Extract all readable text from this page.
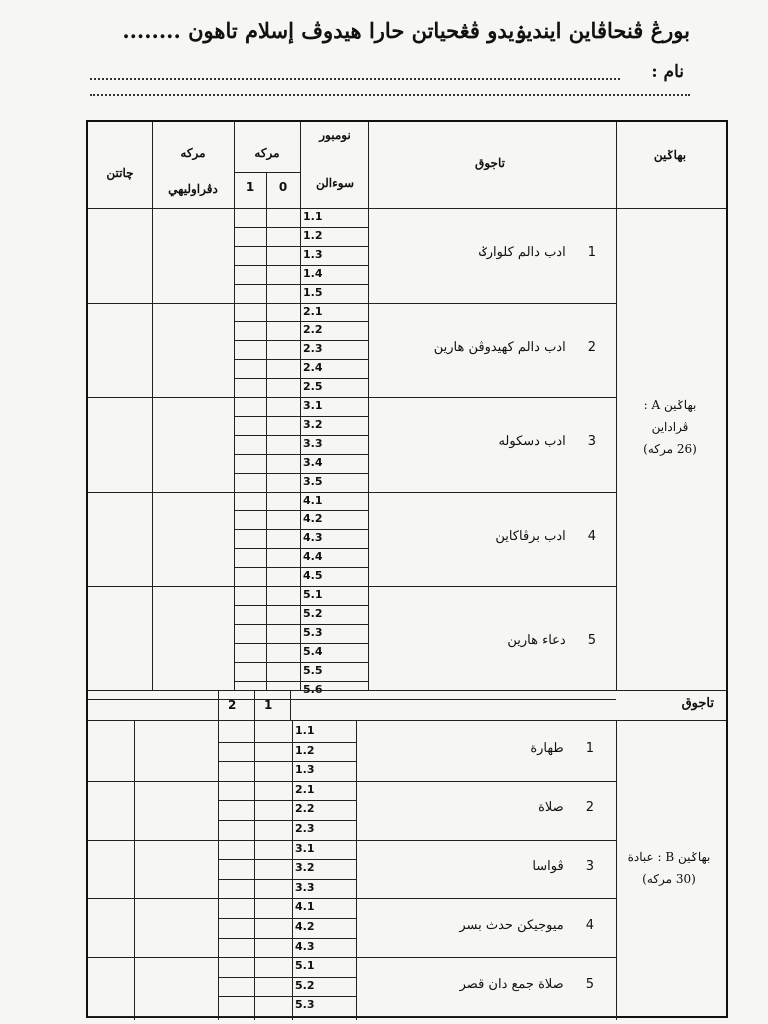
بورڠ ڤنحاڤاين اينديۏيدو ڤڠحياتن حارا هيدوڤ إسلام تاهون ........
نام :
بهاݢين
تاجوق
نومبور
سوءالن
مركه
0
1
مركه
دڤراوليهي
چاتتن
بهاݢين A :
ڤراداين
(26 مركه)
تاجوق
2 1
بهاݢين B : عبادة
(30 مركه)
1.1
1.2
1.3
1.4
1.5
1ادب دالم كلوارݢ
2.1
2.2
2.3
2.4
2.5
2ادب دالم كهيدوڤن هارين
3.1
3.2
3.3
3.4
3.5
3ادب دسكوله
4.1
4.2
4.3
4.4
4.5
4ادب برڤاكاين
5.1
5.2
5.3
5.4
5.5
5.6
5دعاء هارين
1.1
1.2
1.3
1طهارة
2.1
2.2
2.3
2صلاة
3.1
3.2
3.3
3ڤواسا
4.1
4.2
4.3
4ميوجيكن حدث بسر
5.1
5.2
5.3
5صلاة جمع دان قصر
